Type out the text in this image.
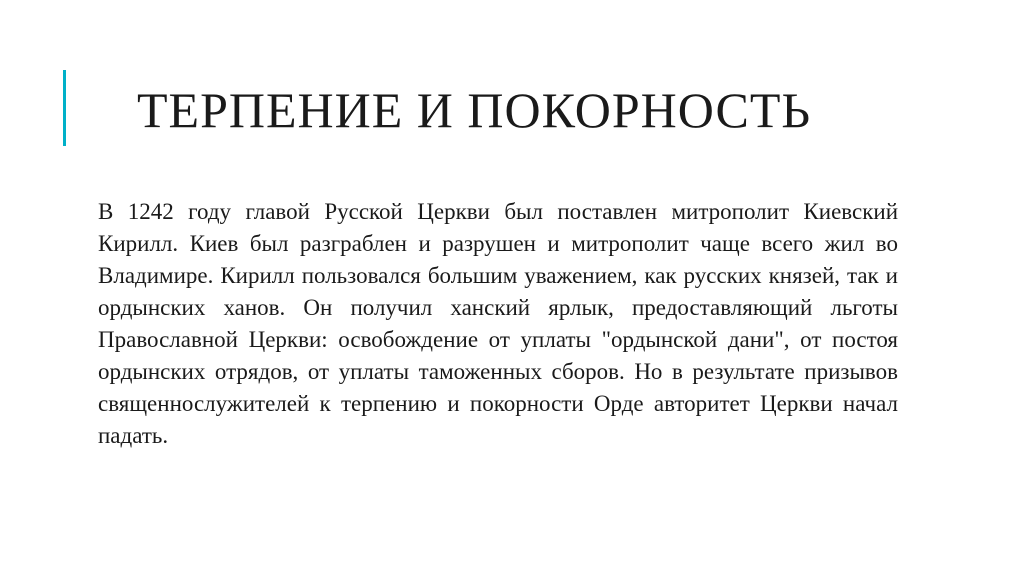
ТЕРПЕНИЕ И ПОКОРНОСТЬ

В 1242 году главой Русской Церкви был поставлен митрополит Киевский Кирилл. Киев был разграблен и разрушен и митрополит чаще всего жил во Владимире. Кирилл пользовался большим уважением, как русских князей, так и ордынских ханов. Он получил ханский ярлык, предоставляющий льготы Православной Церкви: освобождение от уплаты "ордынской дани", от постоя ордынских отрядов, от уплаты таможенных сборов. Но в результате призывов священнослужителей к терпению и покорности Орде авторитет Церкви начал падать.
